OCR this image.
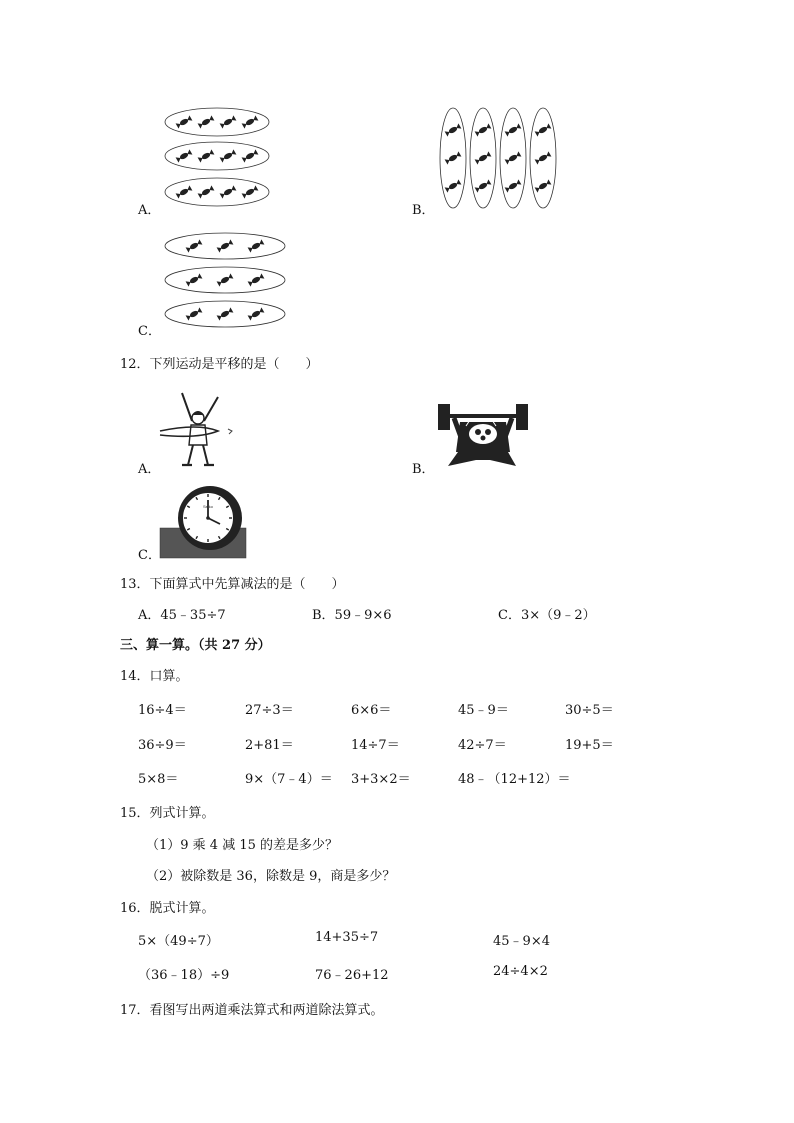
A．	B．
C．
12．下列运动是平移的是（　　）
A．	B．
Seiko
C．
13．下面算式中先算减法的是（　　）
A．45﹣35÷7	B．59﹣9×6	C．3×（9﹣2）
三、算一算。（共 27 分）
14．口算。
16÷4＝	27÷3＝	6×6＝	45﹣9＝	30÷5＝
36÷9＝	2+81＝	14÷7＝	42÷7＝	19+5＝
5×8＝	9×（7﹣4）＝ 3+3×2＝	48﹣（12+12）＝
15．列式计算。
（1）9 乘 4 减 15 的差是多少？
（2）被除数是 36，除数是 9，商是多少？
16．脱式计算。
5×（49÷7）	14+35÷7	45﹣9×4
（36﹣18）÷9	76﹣26+12	24÷4×2
17．看图写出两道乘法算式和两道除法算式。
